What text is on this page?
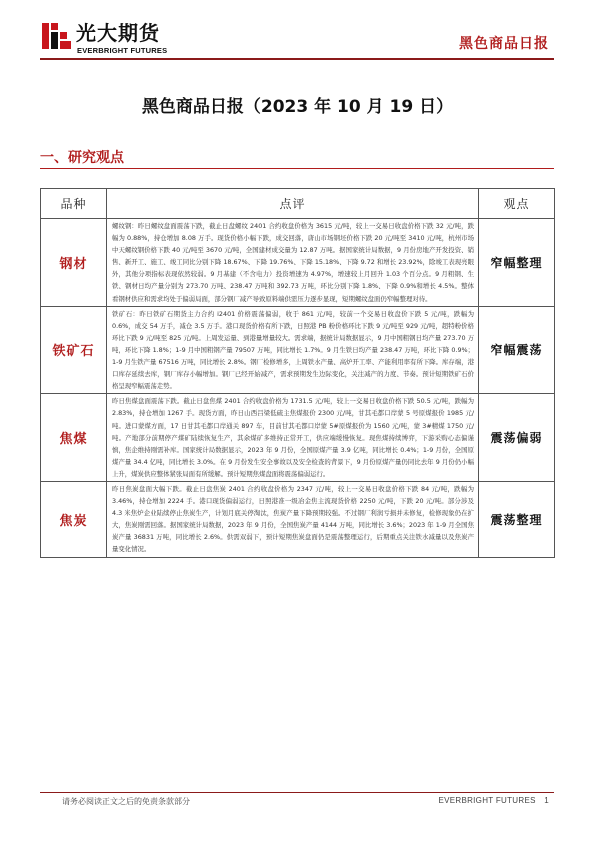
光大期货
EVERBRIGHT FUTURES	黑色商品日报
黑色商品日报（2023 年 10 月 19 日）
一、研究观点
品种	点评	观点
钢材	螺纹钢：昨日螺纹盘面震荡下跌，截止日盘螺纹 2401 合约收盘价格为 3615 元/吨，较上一交易日收盘价格下跌 32 元/吨，跌幅为 0.88%，持仓增加 8.08 万手。现货价格小幅下跌，成交回落，唐山市场钢坯价格下跌 20 元/吨至 3410 元/吨，杭州市场中天螺纹钢价格下跌 40 元/吨至 3670 元/吨，全国建材成交量为 12.87 万吨。据国家统计局数据，9 月份房地产开发投资、销售、新开工、施工、竣工同比分别下降 18.67%、下降 19.76%、下降 15.18%、下降 9.72 和增长 23.92%，除竣工表现亮眼外，其他分项指标表现依然较弱。9 月基建（不含电力）投资增速为 4.97%，增速较上月回升 1.03 个百分点。9 月粗钢、生铁、钢材日均产量分别为 273.70 万吨、238.47 万吨和 392.73 万吨，环比分别下降 1.8%、下降 0.9%和增长 4.5%。整体看钢材供应和需求均处于偏弱局面，部分钢厂减产导致原料端供需压力逐步显现，短期螺纹盘面仍窄幅整理对待。	窄幅整理
铁矿石	铁矿石：昨日铁矿石期货主力合约 i2401 价格震荡偏弱，收于 861 元/吨，较前一个交易日收盘价下跌 5 元/吨，跌幅为 0.6%，成交 54 万手，减仓 3.5 万手。港口现货价格有所下跌，日照港 PB 粉价格环比下跌 9 元/吨至 929 元/吨，超特粉价格环比下跌 9 元/吨至 825 元/吨。上周发运量、到港量增量较大。需求端，据统计局数据显示，9 月中国粗钢日均产量 273.70 万吨，环比下降 1.8%；1-9 月中国粗钢产量 79507 万吨，同比增长 1.7%。9 月生铁日均产量 238.47 万吨，环比下降 0.9%；1-9 月生铁产量 67516 万吨，同比增长 2.8%。钢厂检修增多，上周铁水产量、高炉开工率、产能利用率有所下降。库存端，港口库存延续去库，钢厂库存小幅增加。钢厂已经开始减产，需求预期发生边际变化，关注减产的力度、节奏。预计短期铁矿石价格呈现窄幅震荡走势。	窄幅震荡
焦煤	昨日焦煤盘面震荡下跌。截止日盘焦煤 2401 合约收盘价格为 1731.5 元/吨，较上一交易日收盘价格下跌 50.5 元/吨，跌幅为 2.83%，持仓增加 1267 手。现货方面，昨日山西吕梁低硫主焦煤报价 2300 元/吨，甘其毛都口岸蒙 5 号原煤报价 1985 元/吨。进口蒙煤方面，17 日甘其毛都口岸通关 897 车，目前甘其毛都口岸蒙 5#原煤报价为 1560 元/吨，蒙 3#精煤 1750 元/吨。产地部分前期停产煤矿陆续恢复生产，其余煤矿多维持正常开工，供应端缓慢恢复。现焦煤持续博弈，下游采购心态偏谨慎，焦企维持刚需补库。国家统计局数据显示，2023 年 9 月份，全国原煤产量 3.9 亿吨，同比增长 0.4%；1-9 月份，全国原煤产量 34.4 亿吨，同比增长 3.0%。在 9 月份发生安全事故以及安全检查的背景下，9 月份原煤产量仍同比去年 9 月份仍小幅上升，煤炭供应整体紧张局面有所缓解。预计短期焦煤盘面将震荡偏弱运行。	震荡偏弱
焦炭	昨日焦炭盘面大幅下跌。截止日盘焦炭 2401 合约收盘价格为 2347 元/吨，较上一交易日收盘价格下跌 84 元/吨，跌幅为 3.46%，持仓增加 2224 手。港口现货偏弱运行，日照港准一级冶金焦主流现货价格 2250 元/吨，下跌 20 元/吨。部分涉及 4.3 米焦炉企业陆续停止焦炭生产，计划月底关停淘汰，焦炭产量下降预期较强。不过钢厂利润亏损并未修复，检修现象仍在扩大，焦炭刚需回落。据国家统计局数据，2023 年 9 月份，全国焦炭产量 4144 万吨，同比增长 3.6%；2023 年 1-9 月全国焦炭产量 36831 万吨，同比增长 2.6%。供需双弱下，预计短期焦炭盘面仍是震荡整理运行，后期重点关注铁水减量以及焦炭产量变化情况。	震荡整理
请务必阅读正文之后的免责条款部分	EVERBRIGHT FUTURES 1
